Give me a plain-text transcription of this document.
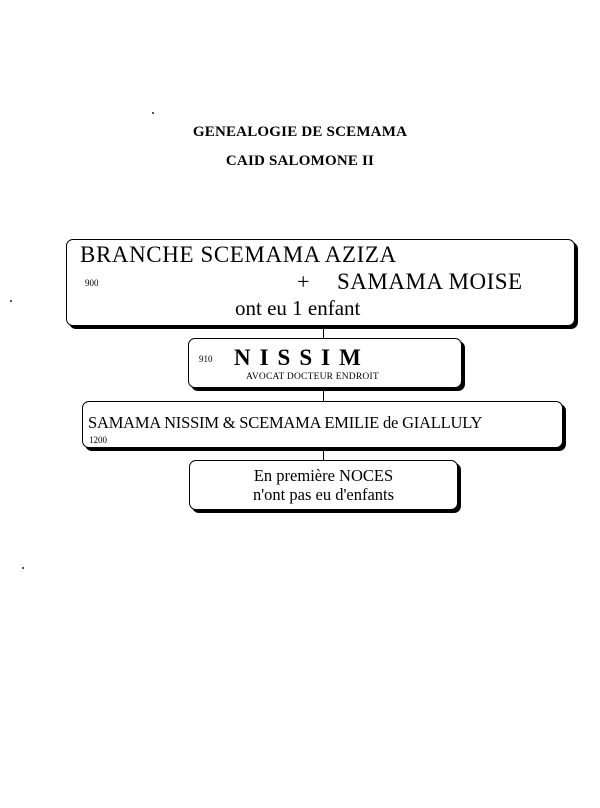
GENEALOGIE DE SCEMAMA
CAID SALOMONE II
BRANCHE SCEMAMA AZIZA
900	+ SAMAMA MOISE
ont eu 1 enfant
910 NISSIM
AVOCAT DOCTEUR ENDROIT
SAMAMA NISSIM & SCEMAMA EMILIE de GIALLULY
1200
En première NOCES
n'ont pas eu d'enfants
